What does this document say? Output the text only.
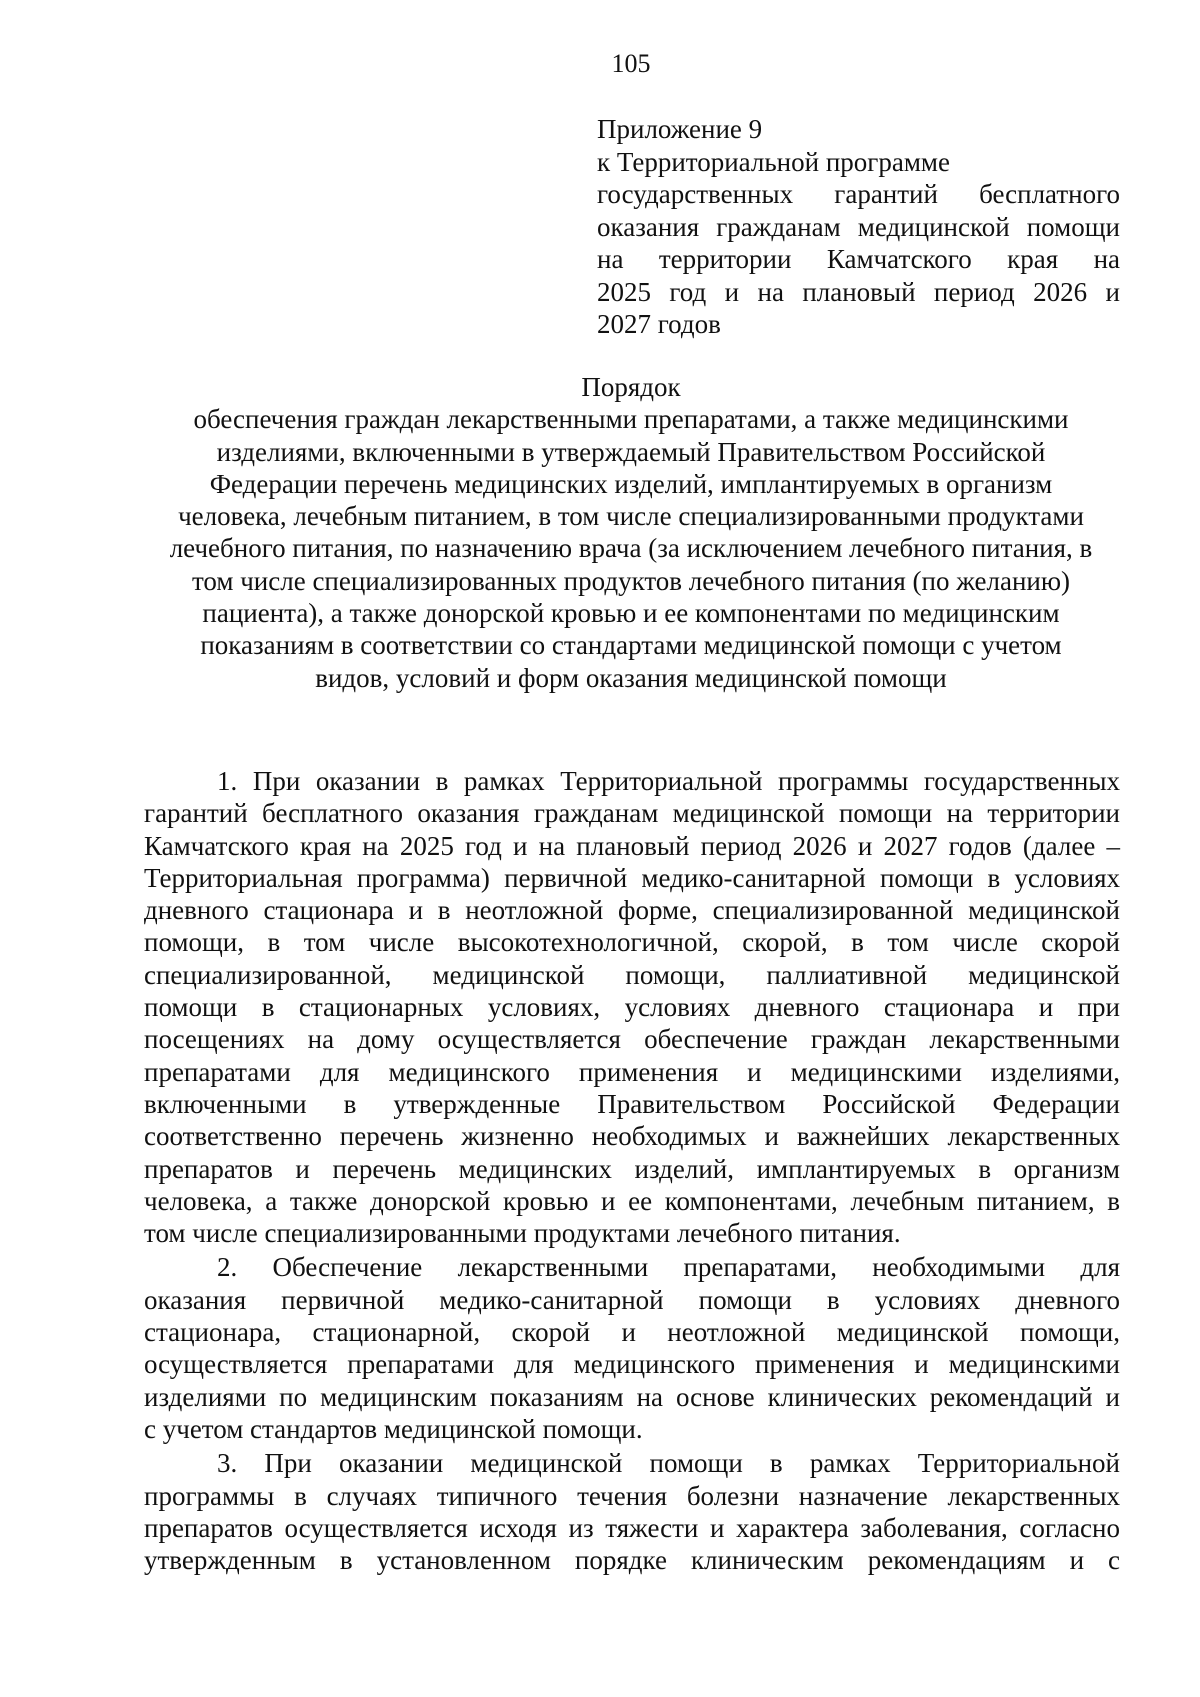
105
Приложение 9
к Территориальной программе
государственных гарантий бесплатного
оказания гражданам медицинской помощи
на территории Камчатского края на
2025 год и на плановый период 2026 и
2027 годов
Порядок
обеспечения граждан лекарственными препаратами, а также медицинскими
изделиями, включенными в утверждаемый Правительством Российской
Федерации перечень медицинских изделий, имплантируемых в организм
человека, лечебным питанием, в том числе специализированными продуктами
лечебного питания, по назначению врача (за исключением лечебного питания, в
том числе специализированных продуктов лечебного питания (по желанию)
пациента), а также донорской кровью и ее компонентами по медицинским
показаниям в соответствии со стандартами медицинской помощи с учетом
видов, условий и форм оказания медицинской помощи
1. При оказании в рамках Территориальной программы государственных
гарантий бесплатного оказания гражданам медицинской помощи на территории
Камчатского края на 2025 год и на плановый период 2026 и 2027 годов (далее –
Территориальная программа) первичной медико-санитарной помощи в условиях
дневного стационара и в неотложной форме, специализированной медицинской
помощи, в том числе высокотехнологичной, скорой, в том числе скорой
специализированной, медицинской помощи, паллиативной медицинской
помощи в стационарных условиях, условиях дневного стационара и при
посещениях на дому осуществляется обеспечение граждан лекарственными
препаратами для медицинского применения и медицинскими изделиями,
включенными в утвержденные Правительством Российской Федерации
соответственно перечень жизненно необходимых и важнейших лекарственных
препаратов и перечень медицинских изделий, имплантируемых в организм
человека, а также донорской кровью и ее компонентами, лечебным питанием, в
том числе специализированными продуктами лечебного питания.
2. Обеспечение лекарственными препаратами, необходимыми для
оказания первичной медико-санитарной помощи в условиях дневного
стационара, стационарной, скорой и неотложной медицинской помощи,
осуществляется препаратами для медицинского применения и медицинскими
изделиями по медицинским показаниям на основе клинических рекомендаций и
с учетом стандартов медицинской помощи.
3. При оказании медицинской помощи в рамках Территориальной
программы в случаях типичного течения болезни назначение лекарственных
препаратов осуществляется исходя из тяжести и характера заболевания, согласно
утвержденным в установленном порядке клиническим рекомендациям и с
